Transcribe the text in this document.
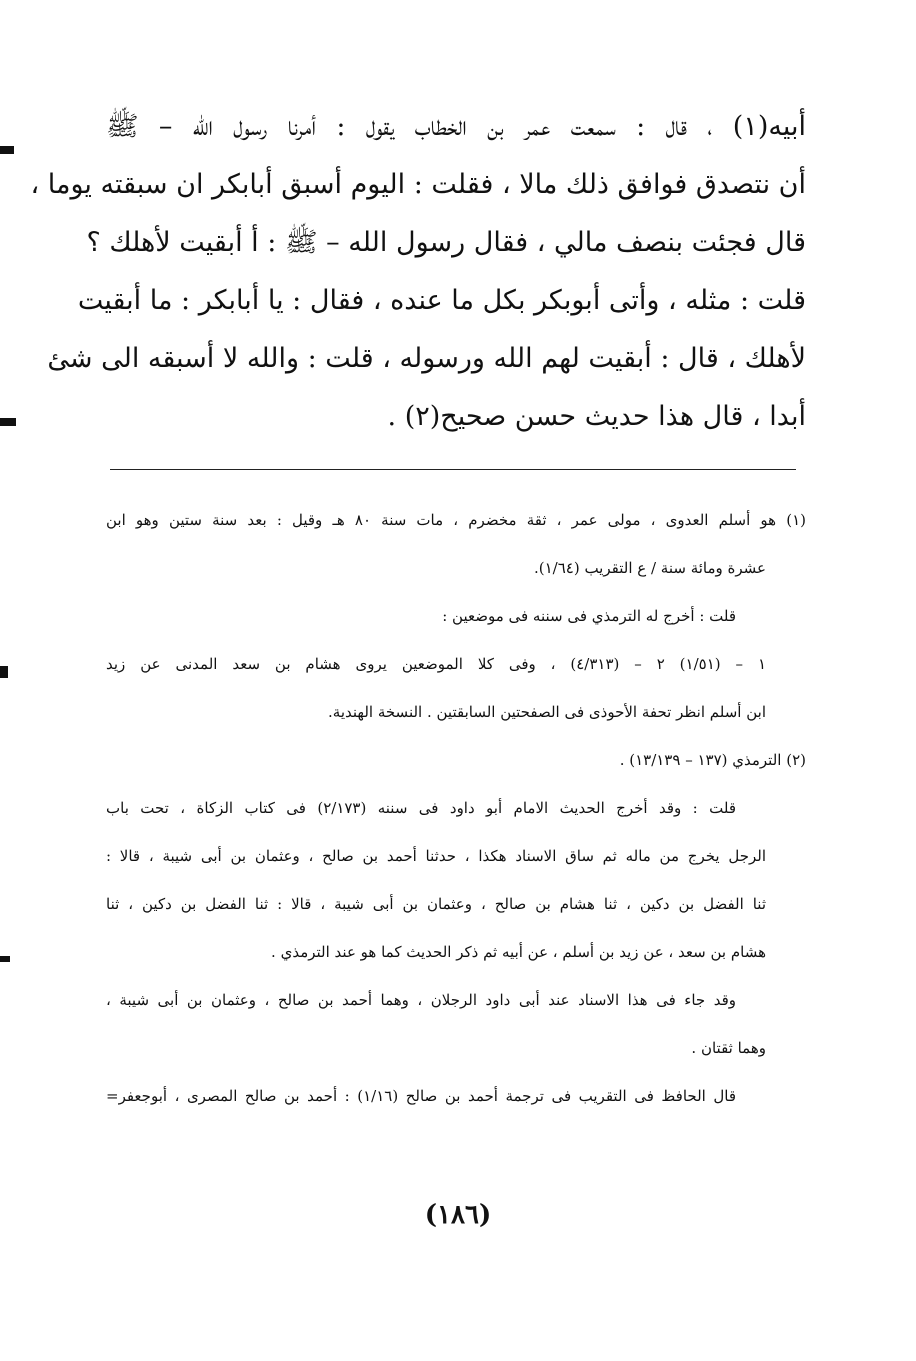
أبيه(١) ، قال : سمعت عمر بن الخطاب يقول : أمرنا رسول الله – ﷺ
أن نتصدق فوافق ذلك مالا ، فقلت : اليوم أسبق أبابكر ان سبقته يوما ،
قال فجئت بنصف مالي ، فقال رسول الله – ﷺ : أ أبقيت لأهلك ؟
قلت : مثله ، وأتى أبوبكر بكل ما عنده ، فقال : يا أبابكر : ما أبقيت
لأهلك ، قال : أبقيت لهم الله ورسوله ، قلت : والله لا أسبقه الى شئ
أبدا ، قال هذا حديث حسن صحيح(٢) .
(١) هو أسلم العدوى ، مولى عمر ، ثقة مخضرم ، مات سنة ٨٠ هـ وقيل : بعد سنة ستين وهو ابن
عشرة ومائة سنة / ع التقريب (١/٦٤).
قلت : أخرج له الترمذي فى سننه فى موضعين :
١ – (١/٥١) ٢ – (٤/٣١٣) ، وفى كلا الموضعين يروى هشام بن سعد المدنى عن زيد
ابن أسلم انظر تحفة الأحوذى فى الصفحتين السابقتين . النسخة الهندية.
(٢) الترمذي (١٣٧ – ١٣/١٣٩) .
قلت : وقد أخرج الحديث الامام أبو داود فى سننه (٢/١٧٣) فى كتاب الزكاة ، تحت باب
الرجل يخرج من ماله ثم ساق الاسناد هكذا ، حدثنا أحمد بن صالح ، وعثمان بن أبى شيبة ، قالا :
ثنا الفضل بن دكين ، ثنا هشام بن صالح ، وعثمان بن أبى شيبة ، قالا : ثنا الفضل بن دكين ، ثنا
هشام بن سعد ، عن زيد بن أسلم ، عن أبيه ثم ذكر الحديث كما هو عند الترمذي .
وقد جاء فى هذا الاسناد عند أبى داود الرجلان ، وهما أحمد بن صالح ، وعثمان بن أبى شيبة ،
وهما ثقتان .
قال الحافظ فى التقريب فى ترجمة أحمد بن صالح (١/١٦) : أحمد بن صالح المصرى ، أبوجعفر=
(١٨٦)
